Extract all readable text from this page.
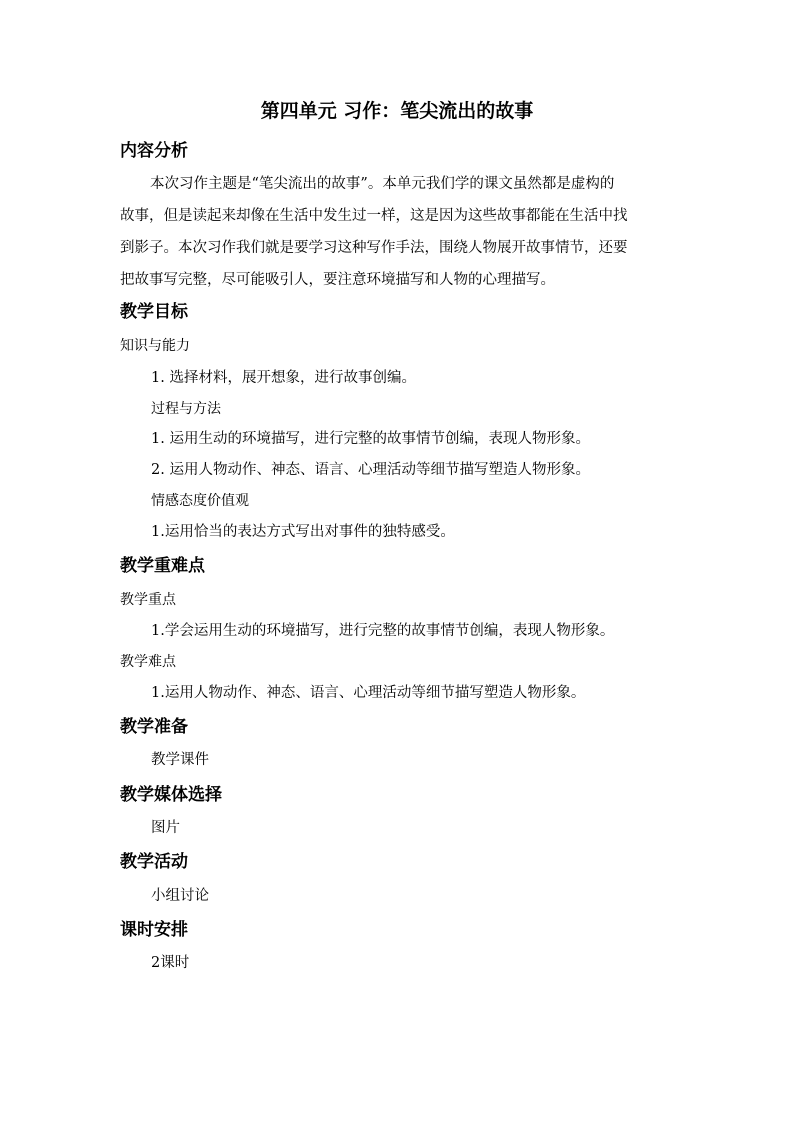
第四单元 习作：笔尖流出的故事
内容分析
本次习作主题是“笔尖流出的故事”。本单元我们学的课文虽然都是虚构的
故事，但是读起来却像在生活中发生过一样，这是因为这些故事都能在生活中找
到影子。本次习作我们就是要学习这种写作手法，围绕人物展开故事情节，还要
把故事写完整，尽可能吸引人，要注意环境描写和人物的心理描写。
教学目标
知识与能力
1. 选择材料，展开想象，进行故事创编。
过程与方法
1. 运用生动的环境描写，进行完整的故事情节创编，表现人物形象。
2. 运用人物动作、神态、语言、心理活动等细节描写塑造人物形象。
情感态度价值观
1.运用恰当的表达方式写出对事件的独特感受。
教学重难点
教学重点
1.学会运用生动的环境描写，进行完整的故事情节创编，表现人物形象。
教学难点
1.运用人物动作、神态、语言、心理活动等细节描写塑造人物形象。
教学准备
教学课件
教学媒体选择
图片
教学活动
小组讨论
课时安排
2课时
